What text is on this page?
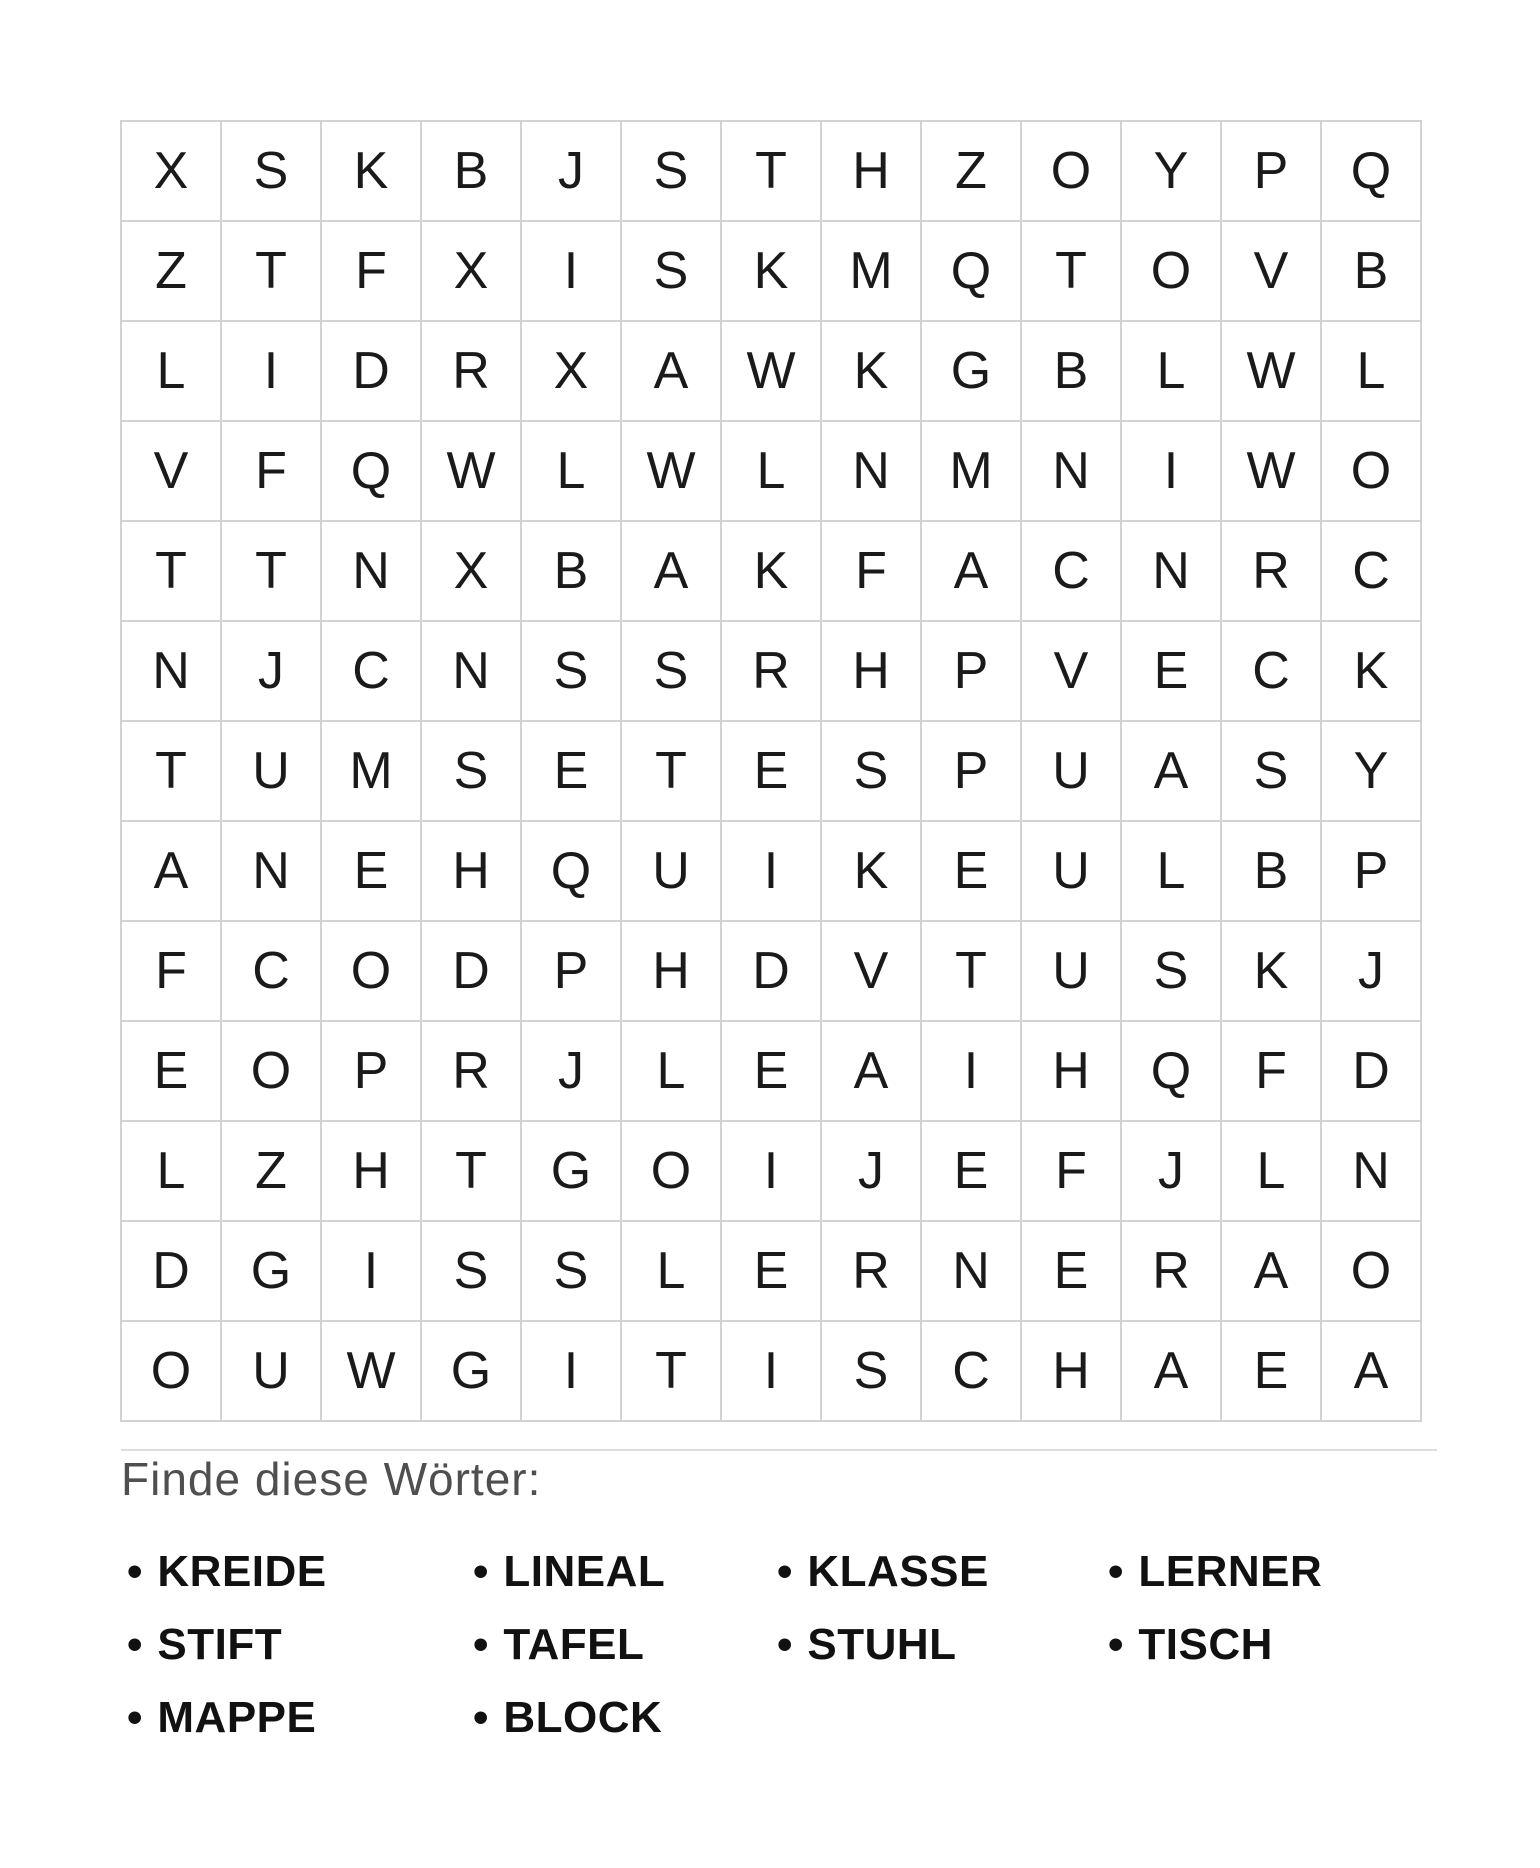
X	S	K	B	J	S	T	H	Z	O	Y	P	Q
Z	T	F	X	I	S	K	M	Q	T	O	V	B
L	I	D	R	X	A	W	K	G	B	L	W	L
V	F	Q	W	L	W	L	N	M	N	I	W	O
T	T	N	X	B	A	K	F	A	C	N	R	C
N	J	C	N	S	S	R	H	P	V	E	C	K
T	U	M	S	E	T	E	S	P	U	A	S	Y
A	N	E	H	Q	U	I	K	E	U	L	B	P
F	C	O	D	P	H	D	V	T	U	S	K	J
E	O	P	R	J	L	E	A	I	H	Q	F	D
L	Z	H	T	G	O	I	J	E	F	J	L	N
D	G	I	S	S	L	E	R	N	E	R	A	O
O	U	W	G	I	T	I	S	C	H	A	E	A
Finde diese Wörter:
• KREIDE	• LINEAL	• KLASSE	• LERNER
• STIFT	• TAFEL	• STUHL	• TISCH
• MAPPE	• BLOCK
